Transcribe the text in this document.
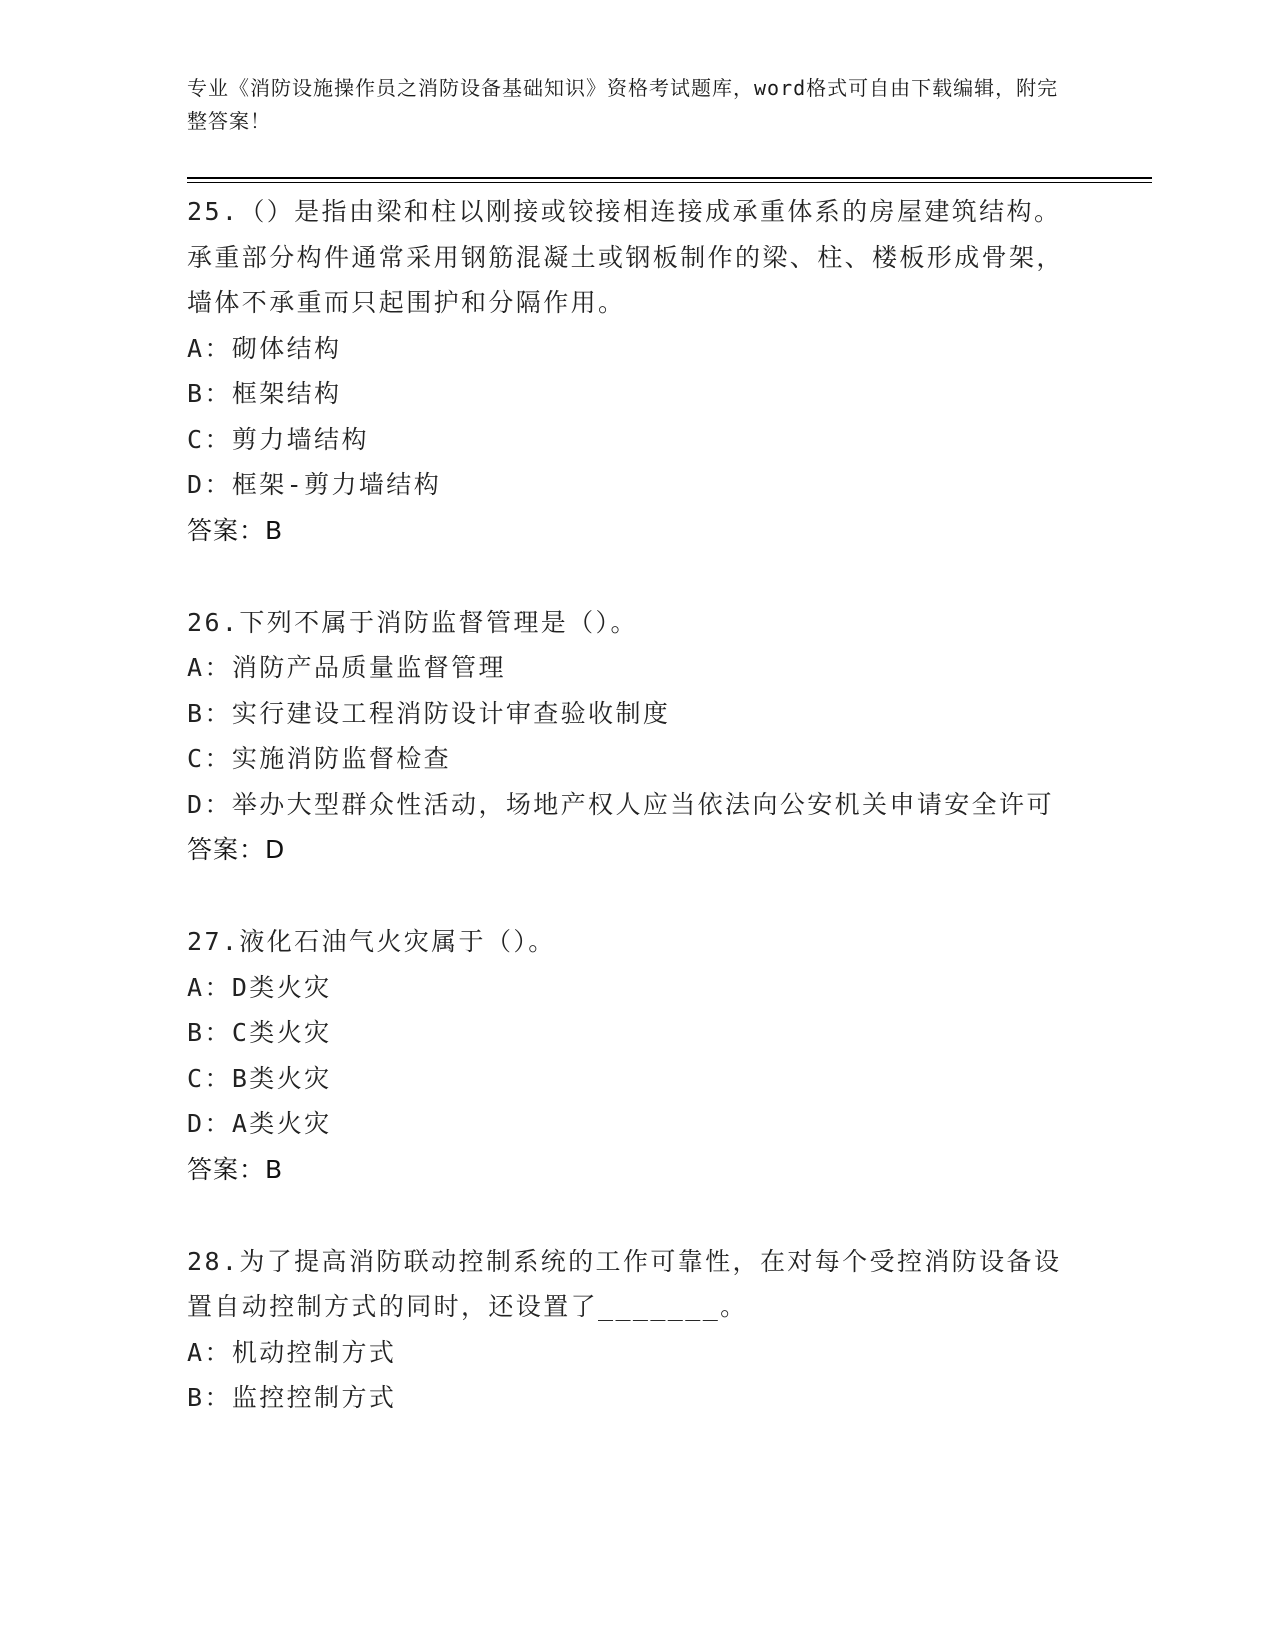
专业《消防设施操作员之消防设备基础知识》资格考试题库，word格式可自由下载编辑，附完整答案！
25.（）是指由梁和柱以刚接或铰接相连接成承重体系的房屋建筑结构。承重部分构件通常采用钢筋混凝土或钢板制作的梁、柱、楼板形成骨架，墙体不承重而只起围护和分隔作用。
A：砌体结构
B：框架结构
C：剪力墙结构
D：框架-剪力墙结构
答案：B
26.下列不属于消防监督管理是（）。
A：消防产品质量监督管理
B：实行建设工程消防设计审查验收制度
C：实施消防监督检查
D：举办大型群众性活动，场地产权人应当依法向公安机关申请安全许可
答案：D
27.液化石油气火灾属于（）。
A：D类火灾
B：C类火灾
C：B类火灾
D：A类火灾
答案：B
28.为了提高消防联动控制系统的工作可靠性，在对每个受控消防设备设置自动控制方式的同时，还设置了_______。
A：机动控制方式
B：监控控制方式
